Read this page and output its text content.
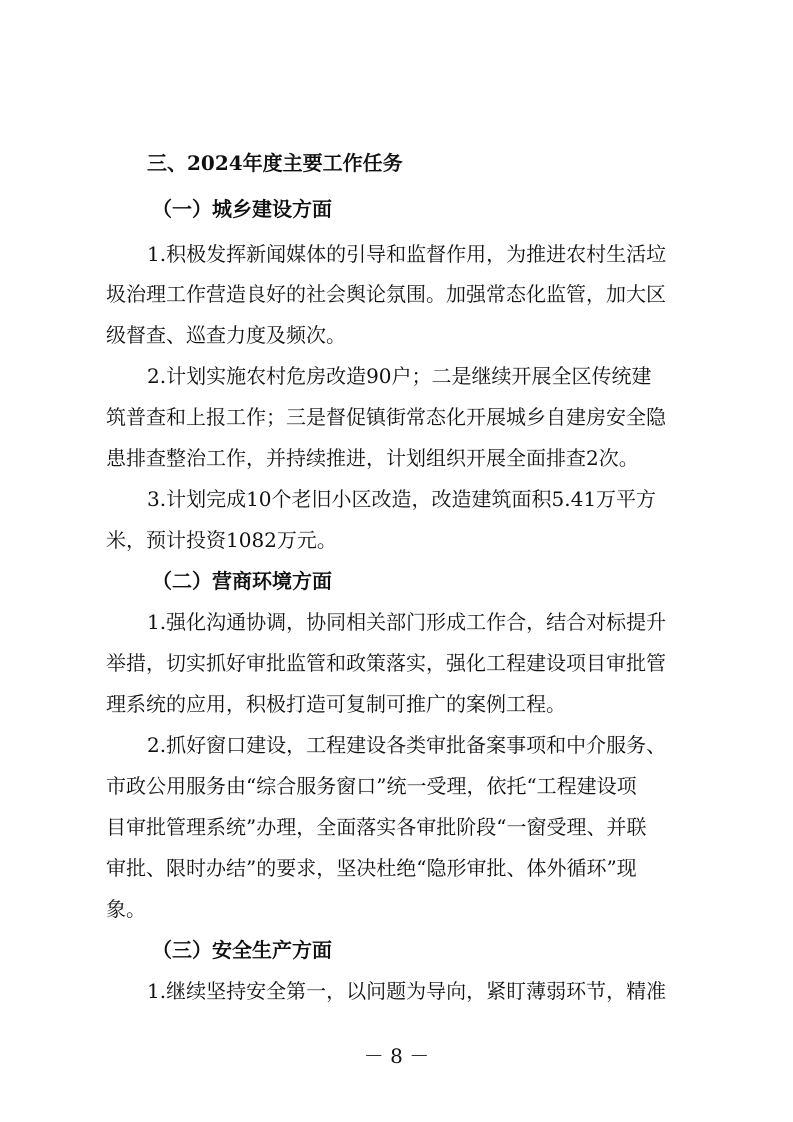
三、2024年度主要工作任务
（一）城乡建设方面
1.积极发挥新闻媒体的引导和监督作用，为推进农村生活垃
圾治理工作营造良好的社会舆论氛围。加强常态化监管，加大区
级督查、巡查力度及频次。
2.计划实施农村危房改造90户；二是继续开展全区传统建
筑普查和上报工作；三是督促镇街常态化开展城乡自建房安全隐
患排查整治工作，并持续推进，计划组织开展全面排查2次。
3.计划完成10个老旧小区改造，改造建筑面积5.41万平方
米，预计投资1082万元。
（二）营商环境方面
1.强化沟通协调，协同相关部门形成工作合，结合对标提升
举措，切实抓好审批监管和政策落实，强化工程建设项目审批管
理系统的应用，积极打造可复制可推广的案例工程。
2.抓好窗口建设，工程建设各类审批备案事项和中介服务、
市政公用服务由“综合服务窗口”统一受理，依托“工程建设项
目审批管理系统”办理，全面落实各审批阶段“一窗受理、并联
审批、限时办结”的要求，坚决杜绝“隐形审批、体外循环”现
象。
（三）安全生产方面
1.继续坚持安全第一，以问题为导向，紧盯薄弱环节，精准
－ 8 －
